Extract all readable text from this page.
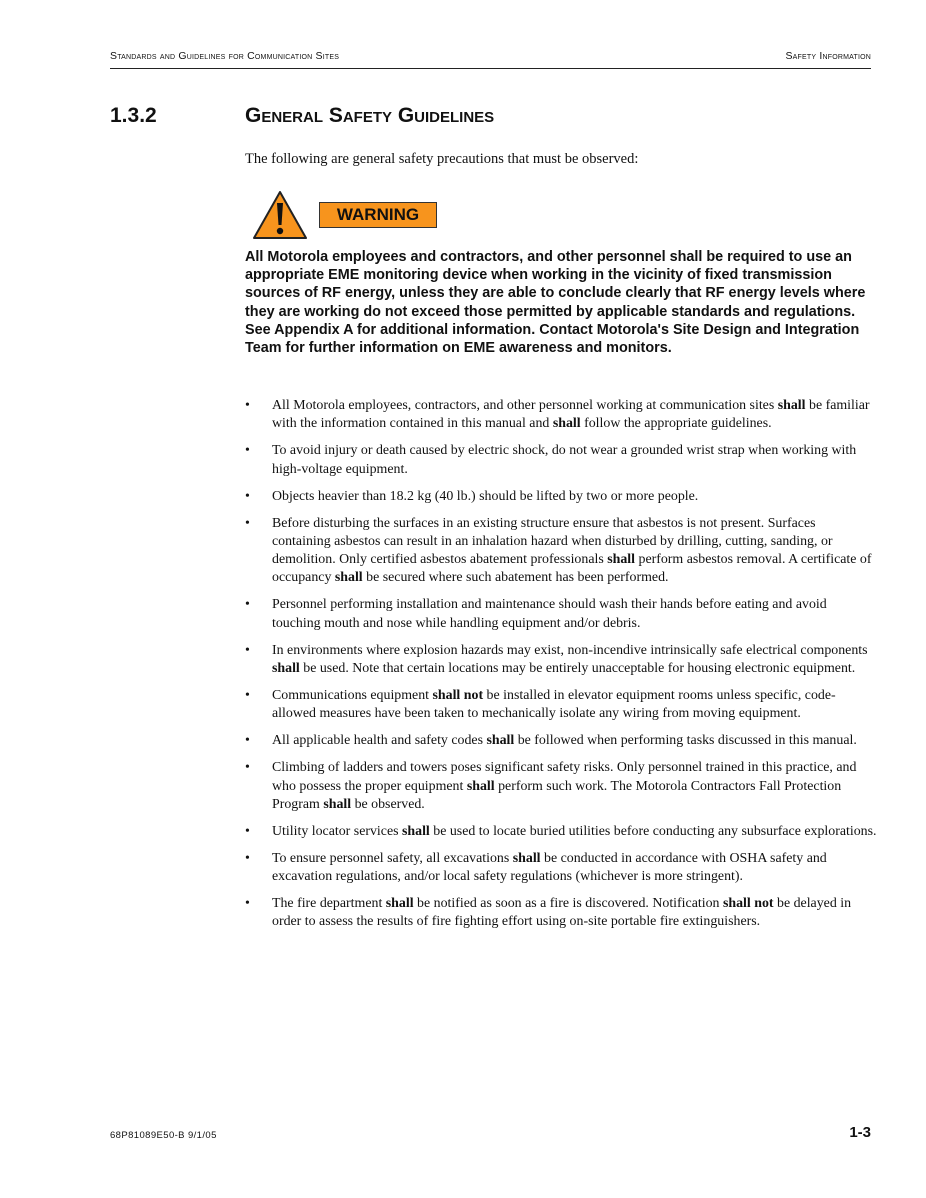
Standards and Guidelines for Communication Sites	Safety Information
1.3.2	General Safety Guidelines
The following are general safety precautions that must be observed:
WARNING

All Motorola employees and contractors, and other personnel shall be required to use an appropriate EME monitoring device when working in the vicinity of fixed transmission sources of RF energy, unless they are able to conclude clearly that RF energy levels where they are working do not exceed those permitted by applicable standards and regulations. See Appendix A for additional information. Contact Motorola's Site Design and Integration Team for further information on EME awareness and monitors.

• All Motorola employees, contractors, and other personnel working at communication sites shall be familiar with the information contained in this manual and shall follow the appropriate guidelines.
• To avoid injury or death caused by electric shock, do not wear a grounded wrist strap when working with high-voltage equipment.
• Objects heavier than 18.2 kg (40 lb.) should be lifted by two or more people.
• Before disturbing the surfaces in an existing structure ensure that asbestos is not present. Surfaces containing asbestos can result in an inhalation hazard when disturbed by drilling, cutting, sanding, or demolition. Only certified asbestos abatement professionals shall perform asbestos removal. A certificate of occupancy shall be secured where such abatement has been performed.
• Personnel performing installation and maintenance should wash their hands before eating and avoid touching mouth and nose while handling equipment and/or debris.
• In environments where explosion hazards may exist, non-incendive intrinsically safe electrical components shall be used. Note that certain locations may be entirely unacceptable for housing electronic equipment.
• Communications equipment shall not be installed in elevator equipment rooms unless specific, code-allowed measures have been taken to mechanically isolate any wiring from moving equipment.
• All applicable health and safety codes shall be followed when performing tasks discussed in this manual.
• Climbing of ladders and towers poses significant safety risks. Only personnel trained in this practice, and who possess the proper equipment shall perform such work. The Motorola Contractors Fall Protection Program shall be observed.
• Utility locator services shall be used to locate buried utilities before conducting any subsurface explorations.
• To ensure personnel safety, all excavations shall be conducted in accordance with OSHA safety and excavation regulations, and/or local safety regulations (whichever is more stringent).
• The fire department shall be notified as soon as a fire is discovered. Notification shall not be delayed in order to assess the results of fire fighting effort using on-site portable fire extinguishers.
68P81089E50-B 9/1/05	1-3
